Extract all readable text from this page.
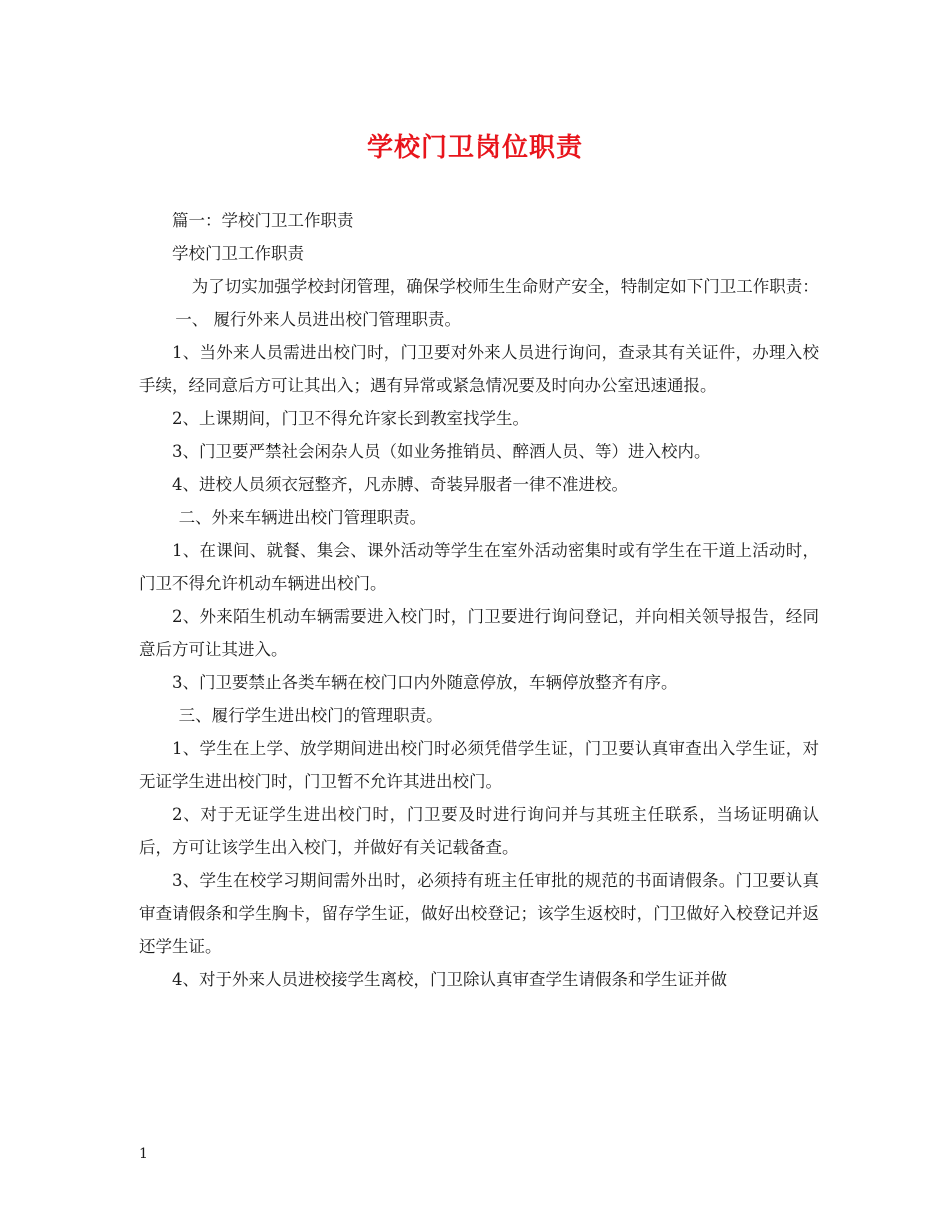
学校门卫岗位职责

篇一：学校门卫工作职责

学校门卫工作职责

为了切实加强学校封闭管理，确保学校师生生命财产安全，特制定如下门卫工作职责：

一、 履行外来人员进出校门管理职责。

1、当外来人员需进出校门时，门卫要对外来人员进行询问，查录其有关证件，办理入校手续，经同意后方可让其出入；遇有异常或紧急情况要及时向办公室迅速通报。

2、上课期间，门卫不得允许家长到教室找学生。

3、门卫要严禁社会闲杂人员（如业务推销员、醉酒人员、等）进入校内。

4、进校人员须衣冠整齐，凡赤膊、奇装异服者一律不准进校。

二、外来车辆进出校门管理职责。

1、在课间、就餐、集会、课外活动等学生在室外活动密集时或有学生在干道上活动时，门卫不得允许机动车辆进出校门。

2、外来陌生机动车辆需要进入校门时，门卫要进行询问登记，并向相关领导报告，经同意后方可让其进入。

3、门卫要禁止各类车辆在校门口内外随意停放，车辆停放整齐有序。

三、履行学生进出校门的管理职责。

1、学生在上学、放学期间进出校门时必须凭借学生证，门卫要认真审查出入学生证，对无证学生进出校门时，门卫暂不允许其进出校门。

2、对于无证学生进出校门时，门卫要及时进行询问并与其班主任联系，当场证明确认后，方可让该学生出入校门，并做好有关记载备查。

3、学生在校学习期间需外出时，必须持有班主任审批的规范的书面请假条。门卫要认真审查请假条和学生胸卡，留存学生证，做好出校登记；该学生返校时，门卫做好入校登记并返还学生证。

4、对于外来人员进校接学生离校，门卫除认真审查学生请假条和学生证并做

1
